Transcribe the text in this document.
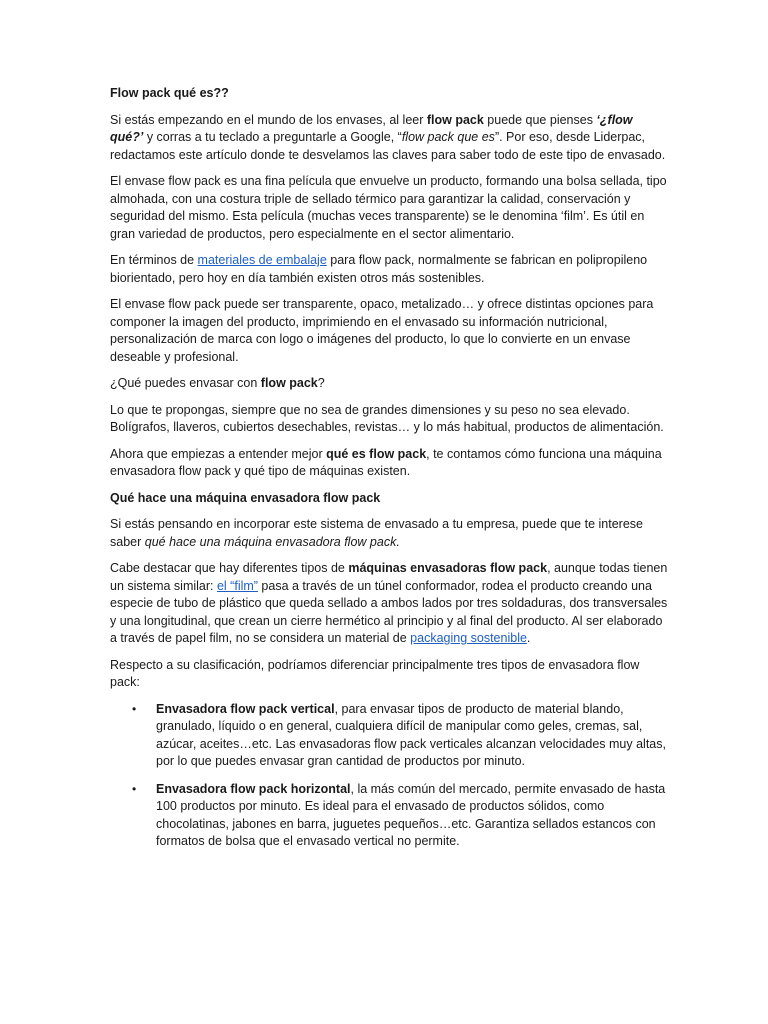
Flow pack qué es??

Si estás empezando en el mundo de los envases, al leer flow pack puede que pienses ‘¿flow qué?’ y corras a tu teclado a preguntarle a Google, “flow pack que es”. Por eso, desde Liderpac, redactamos este artículo donde te desvelamos las claves para saber todo de este tipo de envasado.

El envase flow pack es una fina película que envuelve un producto, formando una bolsa sellada, tipo almohada, con una costura triple de sellado térmico para garantizar la calidad, conservación y seguridad del mismo. Esta película (muchas veces transparente) se le denomina ‘film’. Es útil en gran variedad de productos, pero especialmente en el sector alimentario.

En términos de materiales de embalaje para flow pack, normalmente se fabrican en polipropileno biorientado, pero hoy en día también existen otros más sostenibles.

El envase flow pack puede ser transparente, opaco, metalizado… y ofrece distintas opciones para componer la imagen del producto, imprimiendo en el envasado su información nutricional, personalización de marca con logo o imágenes del producto, lo que lo convierte en un envase deseable y profesional.

¿Qué puedes envasar con flow pack?

Lo que te propongas, siempre que no sea de grandes dimensiones y su peso no sea elevado. Bolígrafos, llaveros, cubiertos desechables, revistas… y lo más habitual, productos de alimentación.

Ahora que empiezas a entender mejor qué es flow pack, te contamos cómo funciona una máquina envasadora flow pack y qué tipo de máquinas existen.

Qué hace una máquina envasadora flow pack

Si estás pensando en incorporar este sistema de envasado a tu empresa, puede que te interese saber qué hace una máquina envasadora flow pack.

Cabe destacar que hay diferentes tipos de máquinas envasadoras flow pack, aunque todas tienen un sistema similar: el “film” pasa a través de un túnel conformador, rodea el producto creando una especie de tubo de plástico que queda sellado a ambos lados por tres soldaduras, dos transversales y una longitudinal, que crean un cierre hermético al principio y al final del producto. Al ser elaborado a través de papel film, no se considera un material de packaging sostenible.

Respecto a su clasificación, podríamos diferenciar principalmente tres tipos de envasadora flow pack:

• Envasadora flow pack vertical, para envasar tipos de producto de material blando, granulado, líquido o en general, cualquiera difícil de manipular como geles, cremas, sal, azúcar, aceites…etc. Las envasadoras flow pack verticales alcanzan velocidades muy altas, por lo que puedes envasar gran cantidad de productos por minuto.
• Envasadora flow pack horizontal, la más común del mercado, permite envasado de hasta 100 productos por minuto. Es ideal para el envasado de productos sólidos, como chocolatinas, jabones en barra, juguetes pequeños…etc. Garantiza sellados estancos con formatos de bolsa que el envasado vertical no permite.
